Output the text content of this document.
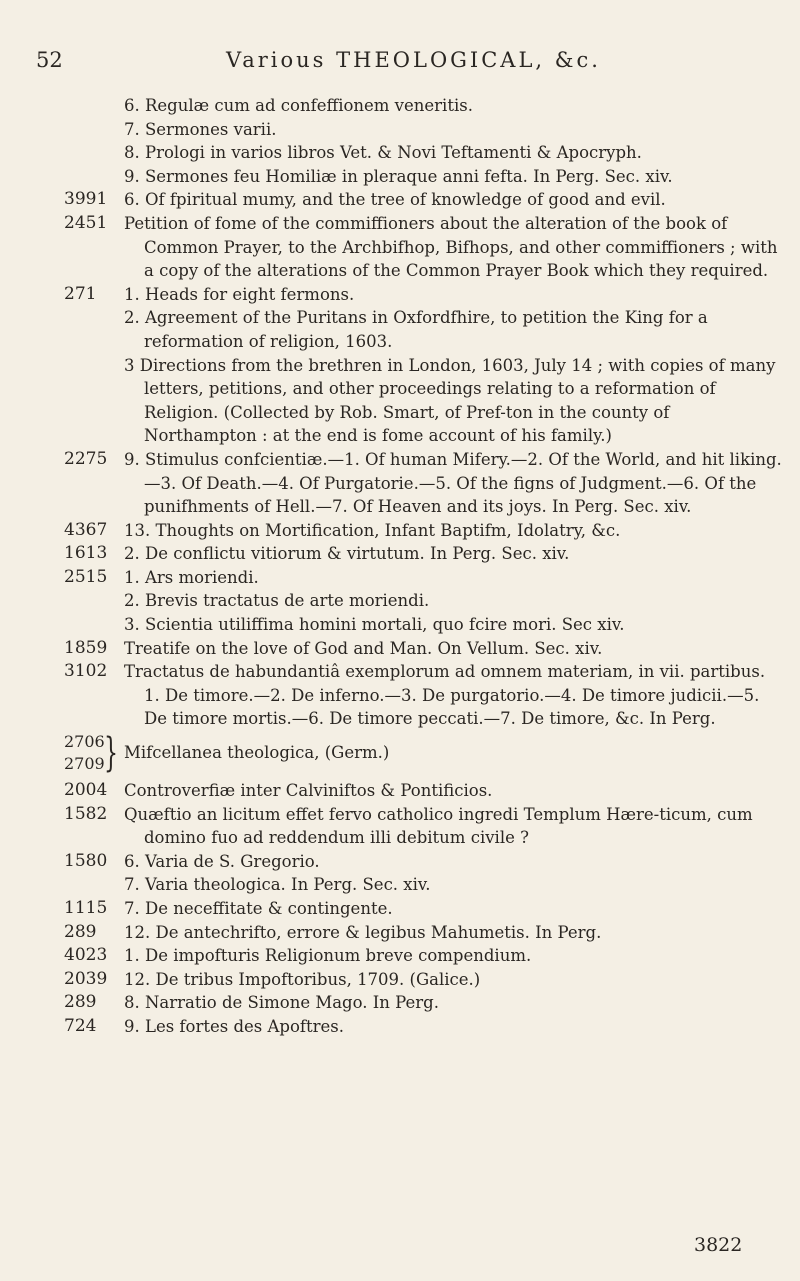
52	Various THEOLOGICAL, &c.
6. Regulæ cum ad confeffionem veneritis.
7. Sermones varii.
8. Prologi in varios libros Vet. & Novi Teftamenti & Apocryph.
9. Sermones feu Homiliæ in pleraque anni fefta. In Perg. Sec. xiv.
3991	6. Of fpiritual mumy, and the tree of knowledge of good and evil.
2451	Petition of fome of the commiffioners about the alteration of the book of Common Prayer, to the Archbifhop, Bifhops, and other commiffioners ; with a copy of the alterations of the Common Prayer Book which they required.
271	1. Heads for eight fermons.
2. Agreement of the Puritans in Oxfordfhire, to petition the King for a reformation of religion, 1603.
3 Directions from the brethren in London, 1603, July 14 ; with copies of many letters, petitions, and other proceedings relating to a reformation of Religion. (Collected by Rob. Smart, of Pref-ton in the county of Northampton : at the end is fome account of his family.)
2275	9. Stimulus confcientiæ.—1. Of human Mifery.—2. Of the World, and hit liking.—3. Of Death.—4. Of Purgatorie.—5. Of the figns of Judgment.—6. Of the punifhments of Hell.—7. Of Heaven and its joys. In Perg. Sec. xiv.
4367	13. Thoughts on Mortification, Infant Baptifm, Idolatry, &c.
1613	2. De conflictu vitiorum & virtutum. In Perg. Sec. xiv.
2515	1. Ars moriendi.
2. Brevis tractatus de arte moriendi.
3. Scientia utiliffima homini mortali, quo fcire mori. Sec xiv.
1859	Treatife on the love of God and Man. On Vellum. Sec. xiv.
3102	Tractatus de habundantiâ exemplorum ad omnem materiam, in vii. partibus. 1. De timore.—2. De inferno.—3. De purgatorio.—4. De timore judicii.—5. De timore mortis.—6. De timore peccati.—7. De timore, &c. In Perg.
2706
2709 } Mifcellanea theologica, (Germ.)
2004	Controverfiæ inter Calviniftos & Pontificios.
1582	Quæftio an licitum effet fervo catholico ingredi Templum Hære-ticum, cum domino fuo ad reddendum illi debitum civile ?
1580	6. Varia de S. Gregorio.
7. Varia theologica. In Perg. Sec. xiv.
1115	7. De neceffitate & contingente.
289	12. De antechrifto, errore & legibus Mahumetis. In Perg.
4023	1. De impofturis Religionum breve compendium.
2039	12. De tribus Impoftoribus, 1709. (Galice.)
289	8. Narratio de Simone Mago. In Perg.
724	9. Les fortes des Apoftres.
3822
